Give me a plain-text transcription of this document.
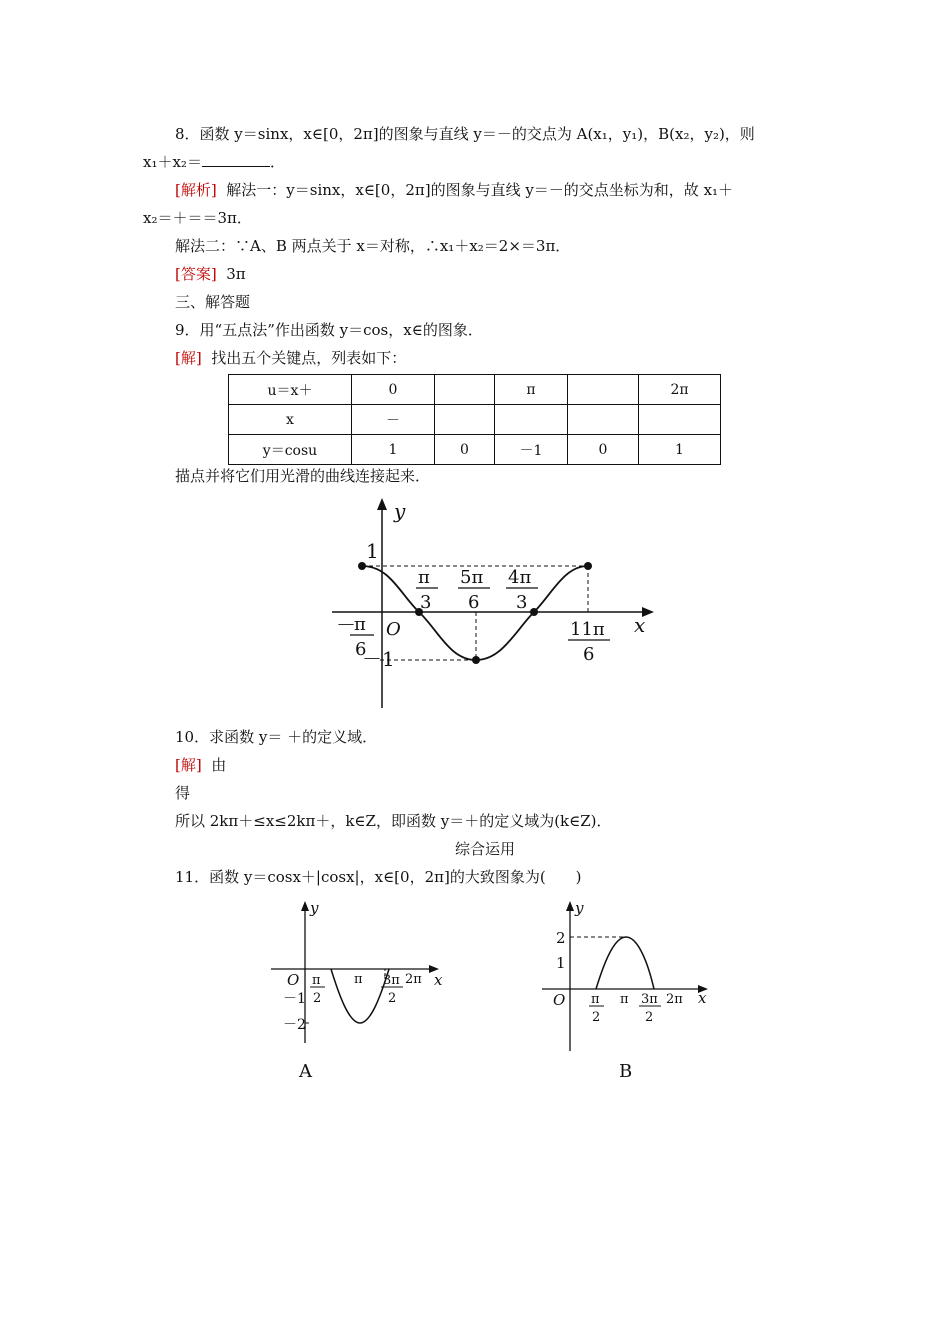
8．函数 y＝sinx，x∈[0，2π]的图象与直线 y＝－的交点为 A(x₁，y₁)，B(x₂，y₂)，则
x₁＋x₂＝	．
[解析] 解法一：y＝sinx，x∈[0，2π]的图象与直线 y＝－的交点坐标为和，故 x₁＋
x₂＝＋＝＝3π．
解法二：∵A、B 两点关于 x＝对称，∴x₁＋x₂＝2×＝3π．
[答案] 3π
三、解答题
9．用“五点法”作出函数 y＝cos，x∈的图象．
[解] 找出五个关键点，列表如下：
u＝x＋	0		π		2π
x	－				
y＝cosu	1	0	－1	0	1
描点并将它们用光滑的曲线连接起来．
x
y
O
1
－1
－
π
6
π
3
5π
6
4π
3
11π
6
10．求函数 y＝ ＋的定义域．
[解] 由
得
所以 2kπ＋≤x≤2kπ＋，k∈Z，即函数 y＝＋的定义域为(k∈Z)．
综合运用
11．函数 y＝cosx＋|cosx|，x∈[0，2π]的大致图象为(　　)
y
x
O
－1
－2
π
2
π 3π
2
2π
A
y
x
O
2
1
π
2
π 3π
2
2π
B
